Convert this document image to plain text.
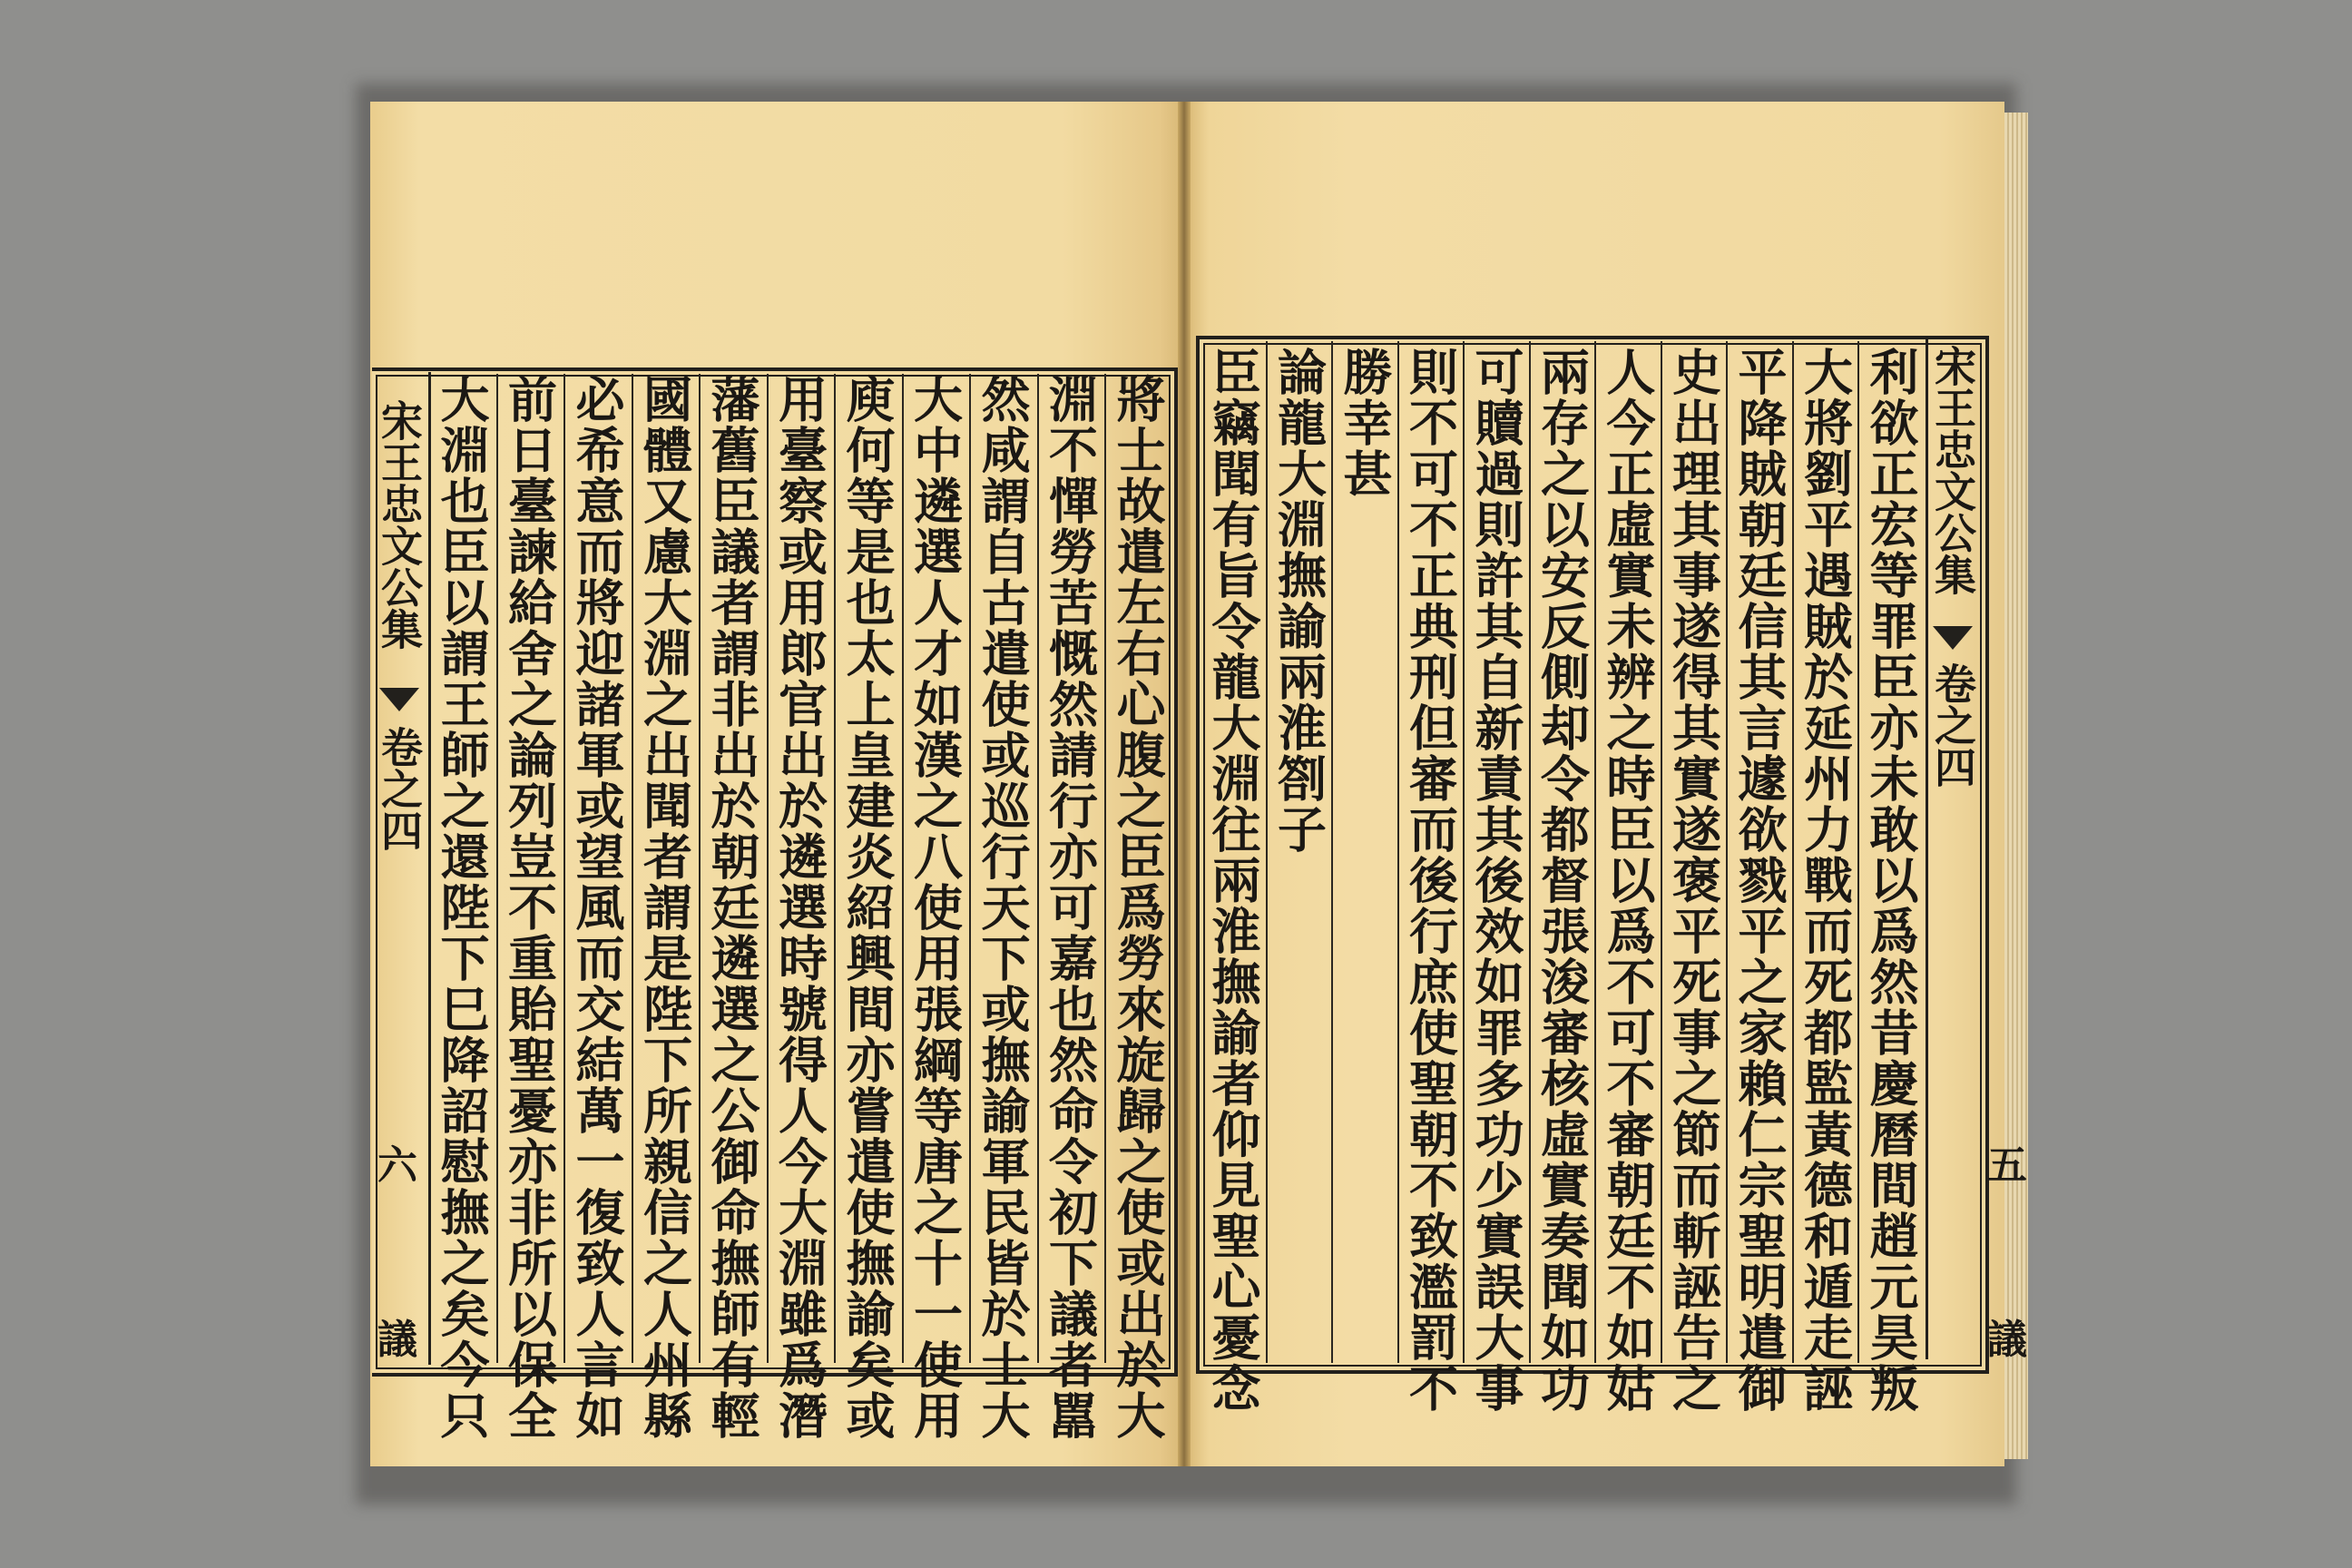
宋王忠文公集
卷之四
六
議 大淵也臣以謂王師之還陛下巳降詔慰撫之矣今只 前日臺諫給舍之論列豈不重貽聖憂亦非所以保全 必希意而將迎諸軍或望風而交結萬一復致人言如 國體又慮大淵之出聞者謂是陛下所親信之人州縣 藩舊臣議者謂非出於朝廷遴選之公御命撫師有輕 用臺察或用郎官出於遴選時號得人今大淵雖爲潛 庾何等是也太上皇建炎紹興間亦嘗遣使撫諭矣或 大中遴選人才如漢之八使用張綱等唐之十一使用 然咸謂自古遣使或巡行天下或撫諭軍民皆於士大 淵不憚勞苦慨然請行亦可嘉也然命令初下議者嚚 將士故遣左右心腹之臣爲勞來旋歸之使或出於大 臣竊聞有旨令龍大淵往兩淮撫諭者仰見聖心憂念 論龍大淵撫諭兩淮劄子 勝幸甚 則不可不正典刑但審而後行庶使聖朝不致濫罰不 可贖過則許其自新責其後效如罪多功少實誤大事 兩存之以安反側却令都督張浚審核虛實奏聞如功 人今正虛實未辨之時臣以爲不可不審朝廷不如姑 史出理其事遂得其實遂褒平死事之節而斬誣告之 平降賊朝廷信其言遽欲戮平之家賴仁宗聖明遣御 大將劉平遇賊於延州力戰而死都監黃德和遁走誣 利欲正宏等罪臣亦未敢以爲然昔慶曆間趙元昊叛 宋王忠文公集
卷之四
五
議
